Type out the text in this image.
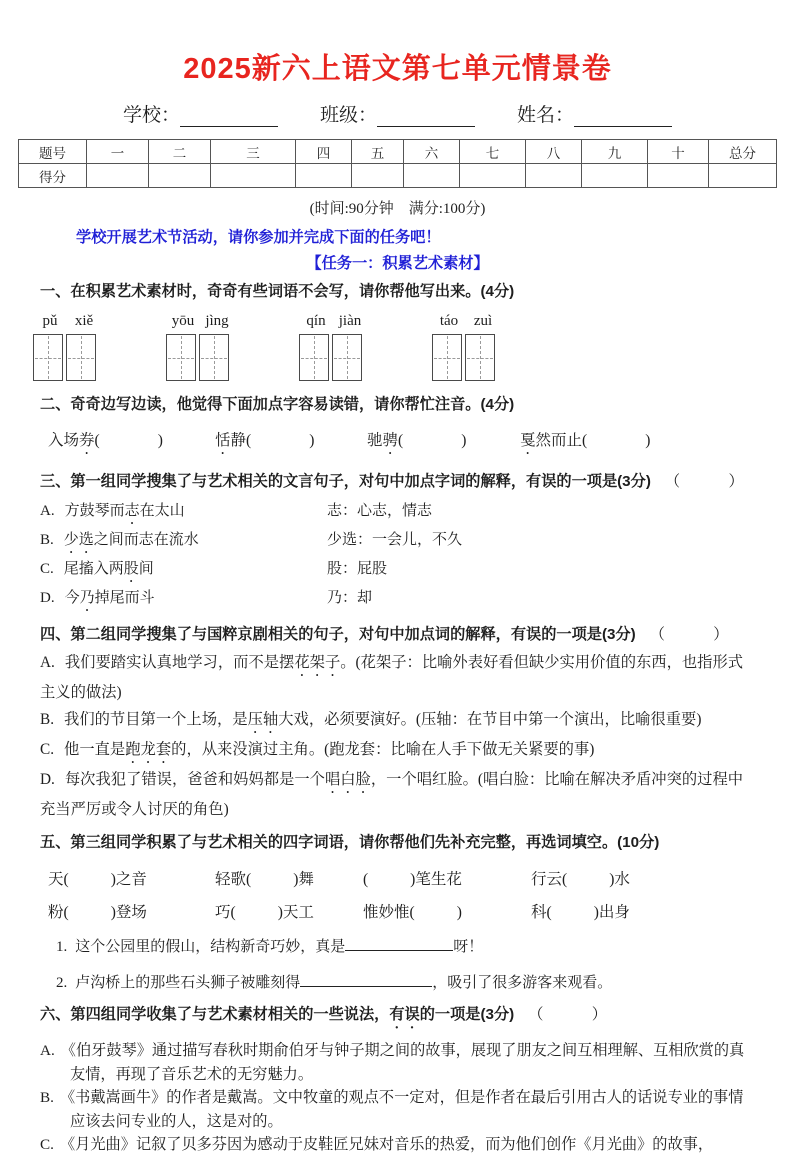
2025新六上语文第七单元情景卷
学校：	班级：	姓名：
题号	一	二	三	四	五	六	七	八	九	十	总分
得分											
(时间:90分钟　满分:100分)
学校开展艺术节活动，请你参加并完成下面的任务吧！
【任务一：积累艺术素材】
一、在积累艺术素材时，奇奇有些词语不会写，请你帮他写出来。(4分)
pǔ	xiě	yōu jìng	qín jiàn	táo	zuì
二、奇奇边写边读，他觉得下面加点字容易读错，请你帮忙注音。(4分)
入场券(	)	恬静(	)	驰骋(	)	戛然而止(	)
三、第一组同学搜集了与艺术相关的文言句子，对句中加点字词的解释，有误的一项是(3分) （　　）
A. 方鼓琴而志在太山	志：心志，情志
B. 少选之间而志在流水	少选：一会儿，不久
C. 尾搐入两股间	股：屁股
D. 今乃掉尾而斗	乃：却
四、第二组同学搜集了与国粹京剧相关的句子，对句中加点词的解释，有误的一项是(3分) （　　）
A. 我们要踏实认真地学习，而不是摆花架子。(花架子：比喻外表好看但缺少实用价值的东西，也指形式主义的做法)
B. 我们的节目第一个上场，是压轴大戏，必须要演好。(压轴：在节目中第一个演出，比喻很重要)
C. 他一直是跑龙套的，从来没演过主角。(跑龙套：比喻在人手下做无关紧要的事)
D. 每次我犯了错误，爸爸和妈妈都是一个唱白脸，一个唱红脸。(唱白脸：比喻在解决矛盾冲突的过程中充当严厉或令人讨厌的角色)
五、第三组同学积累了与艺术相关的四字词语，请你帮他们先补充完整，再选词填空。(10分)
天(	)之音	轻歌(	)舞	(	)笔生花	行云(	)水
粉(	)登场	巧(	)天工	惟妙惟(	)	科(	)出身
1. 这个公园里的假山，结构新奇巧妙，真是	呀！
2. 卢沟桥上的那些石头狮子被雕刻得	，吸引了很多游客来观看。
六、第四组同学收集了与艺术素材相关的一些说法，有误的一项是(3分) （　　）
A. 《伯牙鼓琴》通过描写春秋时期俞伯牙与钟子期之间的故事，展现了朋友之间互相理解、互相欣赏的真友情，再现了音乐艺术的无穷魅力。
B. 《书戴嵩画牛》的作者是戴嵩。文中牧童的观点不一定对，但是作者在最后引用古人的话说专业的事情应该去问专业的人，这是对的。
C. 《月光曲》记叙了贝多芬因为感动于皮鞋匠兄妹对音乐的热爱，而为他们创作《月光曲》的故事，
